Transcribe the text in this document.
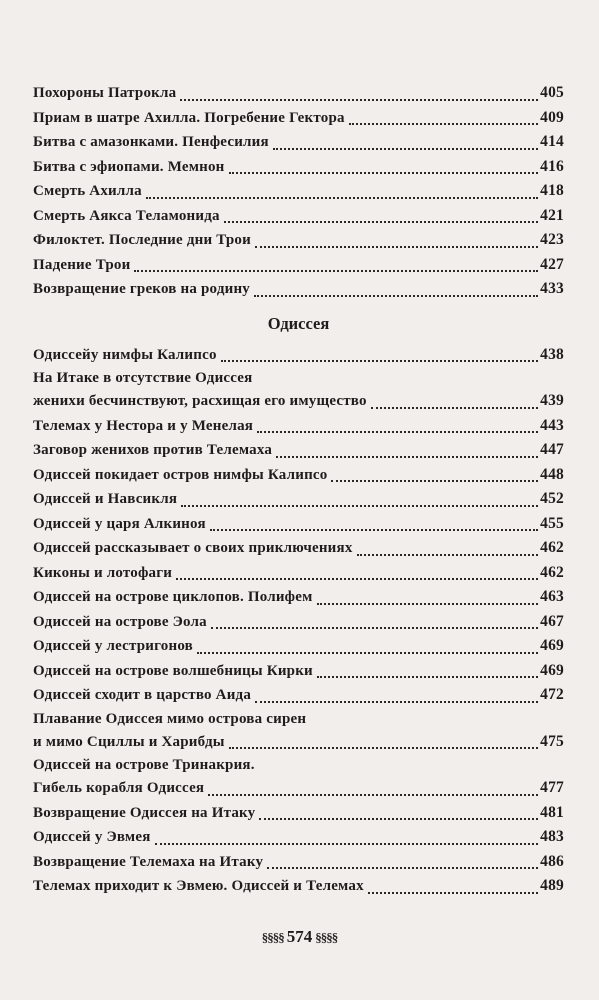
Похороны Патрокла	405
Приам в шатре Ахилла. Погребение Гектора	409
Битва с амазонками. Пенфесилия	414
Битва с эфиопами. Мемнон	416
Смерть Ахилла	418
Смерть Аякса Теламонида	421
Филоктет. Последние дни Трои	423
Падение Трои	427
Возвращение греков на родину	433
Одиссея
Одиссейу нимфы Калипсо	438
На Итаке в отсутствие Одиссея
женихи бесчинствуют, расхищая его имущество	439
Телемах у Нестора и у Менелая	443
Заговор женихов против Телемаха	447
Одиссей покидает остров нимфы Калипсо	448
Одиссей и Навсикля	452
Одиссей у царя Алкиноя	455
Одиссей рассказывает о своих приключениях	462
Киконы и лотофаги	462
Одиссей на острове циклопов. Полифем	463
Одиссей на острове Эола	467
Одиссей у лестригонов	469
Одиссей на острове волшебницы Кирки	469
Одиссей сходит в царство Аида	472
Плавание Одиссея мимо острова сирен
и мимо Сциллы и Харибды	475
Одиссей на острове Тринакрия.
Гибель корабля Одиссея	477
Возвращение Одиссея на Итаку	481
Одиссей у Эвмея	483
Возвращение Телемаха на Итаку	486
Телемах приходит к Эвмею. Одиссей и Телемах	489
§§§§ 574 §§§§
